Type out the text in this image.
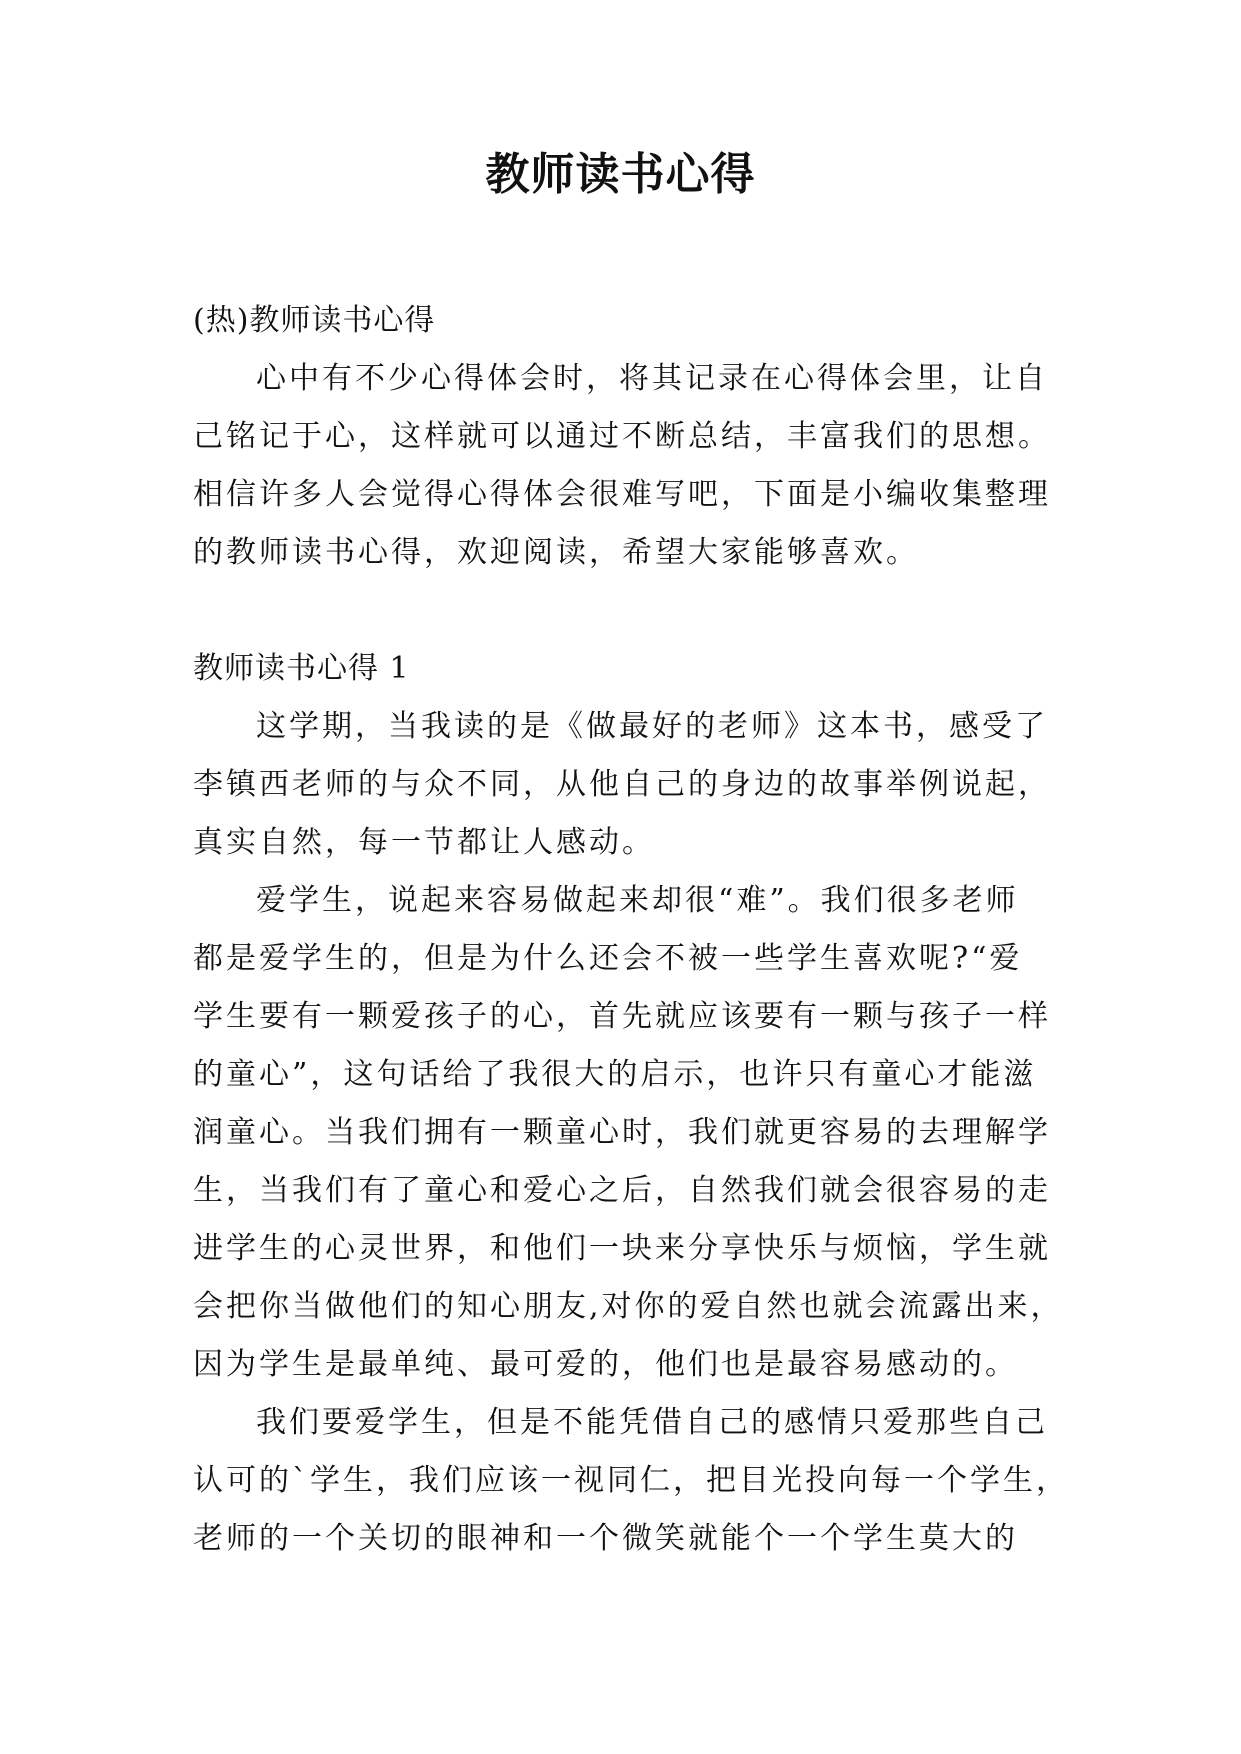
教师读书心得
(热)教师读书心得
心中有不少心得体会时，将其记录在心得体会里，让自
己铭记于心，这样就可以通过不断总结，丰富我们的思想。
相信许多人会觉得心得体会很难写吧，下面是小编收集整理
的教师读书心得，欢迎阅读，希望大家能够喜欢。
教师读书心得 1
这学期，当我读的是《做最好的老师》这本书，感受了
李镇西老师的与众不同，从他自己的身边的故事举例说起，
真实自然，每一节都让人感动。
爱学生，说起来容易做起来却很“难”。我们很多老师
都是爱学生的，但是为什么还会不被一些学生喜欢呢?“爱
学生要有一颗爱孩子的心，首先就应该要有一颗与孩子一样
的童心”，这句话给了我很大的启示，也许只有童心才能滋
润童心。当我们拥有一颗童心时，我们就更容易的去理解学
生，当我们有了童心和爱心之后，自然我们就会很容易的走
进学生的心灵世界，和他们一块来分享快乐与烦恼，学生就
会把你当做他们的知心朋友,对你的爱自然也就会流露出来，
因为学生是最单纯、最可爱的，他们也是最容易感动的。
我们要爱学生，但是不能凭借自己的感情只爱那些自己
认可的`学生，我们应该一视同仁，把目光投向每一个学生，
老师的一个关切的眼神和一个微笑就能个一个学生莫大的
